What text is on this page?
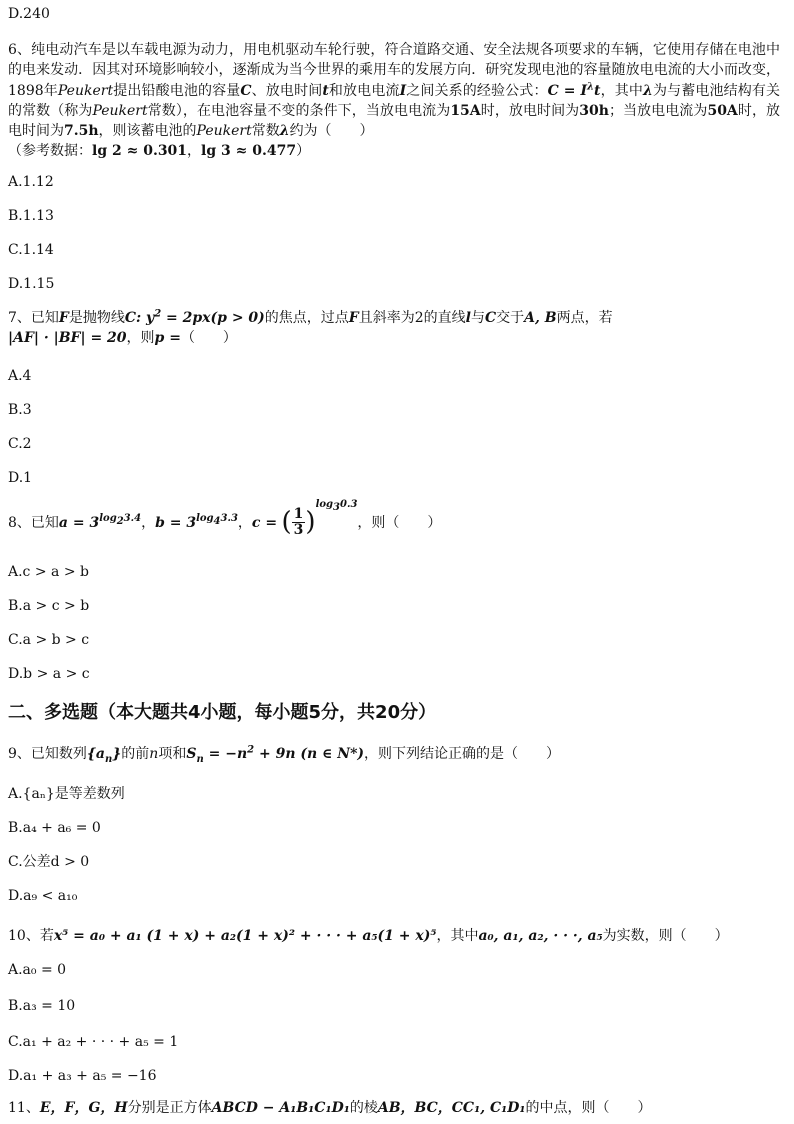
D.240

6、纯电动汽车是以车载电源为动力，用电机驱动车轮行驶，符合道路交通、安全法规各项要求的车辆，它使用存储在电池中的电来发动．因其对环境影响较小，逐渐成为当今世界的乘用车的发展方向．研究发现电池的容量随放电电流的大小而改变，1898年Peukert提出铅酸电池的容量C、放电时间t和放电电流I之间关系的经验公式：$C = I^\lambda t$，其中λ为与蓄电池结构有关的常数（称为Peukert常数），在电池容量不变的条件下，当放电电流为15A时，放电时间为30h；当放电电流为50A时，放电时间为7.5h，则该蓄电池的Peukert常数λ约为（　　）
（参考数据：lg 2 ≈ 0.301，lg 3 ≈ 0.477）

A.1.12

B.1.13

C.1.14

D.1.15

7、已知F是抛物线C: $y^2 = 2px(p > 0)$的焦点，过点F且斜率为2的直线l与C交于A, B两点，若
|AF| · |BF| = 20，则p =（　　）

A.4

B.3

C.2

D.1

8、已知$a = 3^{log_23.4}$，$b = 3^{log_43.3}$，c = ( $\frac{1}{3} )^{log_30.3}$，则（　　）

A.c > a > b

B.a > c > b

C.a > b > c

D.b > a > c

二、多选题（本大题共4小题，每小题5分，共20分）

9、已知数列$\{a_n\}$的前n项和$S_n = -n^2 + 9n$ (n ∈ N*)，则下列结论正确的是（　　）

A.{aₙ}是等差数列

B.a₄ + a₆ = 0

C.公差d > 0

D.a₉ < a₁₀

10、若x⁵ = a₀ + a₁ (1 + x) + a₂(1 + x)² + · · · + a₅(1 + x)⁵，其中a₀, a₁, a₂, · · ·, a₅为实数，则（　　）

A.a₀ = 0

B.a₃ = 10

C.a₁ + a₂ + · · · + a₅ = 1

D.a₁ + a₃ + a₅ = −16

11、E，F，G，H分别是正方体ABCD − A₁B₁C₁D₁的棱AB，BC，CC₁, C₁D₁的中点，则（　　）
